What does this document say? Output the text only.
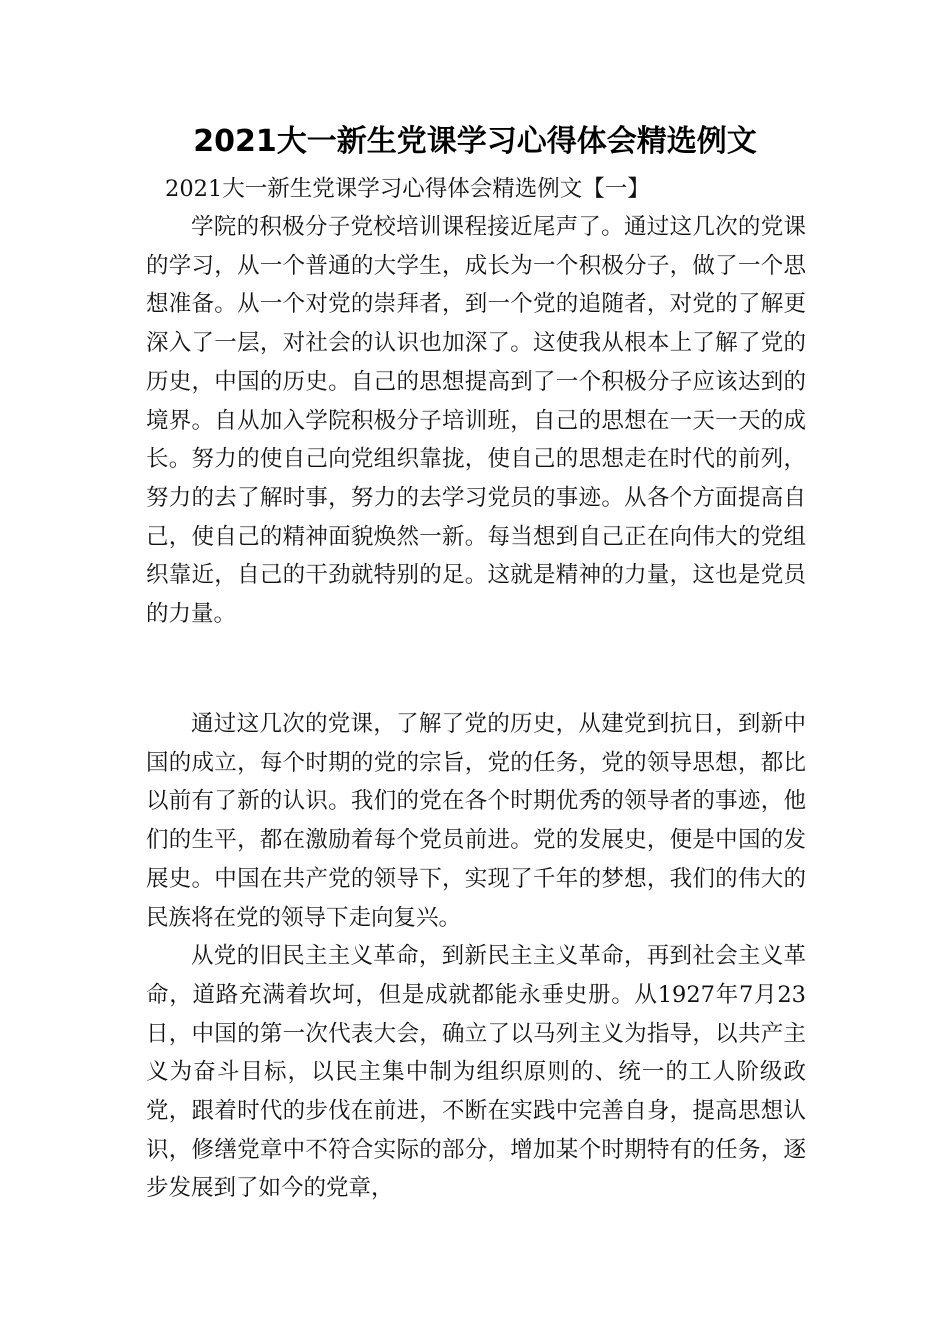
2021大一新生党课学习心得体会精选例文

2021大一新生党课学习心得体会精选例文【一】

学院的积极分子党校培训课程接近尾声了。通过这几次的党课的学习，从一个普通的大学生，成长为一个积极分子，做了一个思想准备。从一个对党的崇拜者，到一个党的追随者，对党的了解更深入了一层，对社会的认识也加深了。这使我从根本上了解了党的历史，中国的历史。自己的思想提高到了一个积极分子应该达到的境界。自从加入学院积极分子培训班，自己的思想在一天一天的成长。努力的使自己向党组织靠拢，使自己的思想走在时代的前列，努力的去了解时事，努力的去学习党员的事迹。从各个方面提高自己，使自己的精神面貌焕然一新。每当想到自己正在向伟大的党组织靠近，自己的干劲就特别的足。这就是精神的力量，这也是党员的力量。

通过这几次的党课，了解了党的历史，从建党到抗日，到新中国的成立，每个时期的党的宗旨，党的任务，党的领导思想，都比以前有了新的认识。我们的党在各个时期优秀的领导者的事迹，他们的生平，都在激励着每个党员前进。党的发展史，便是中国的发展史。中国在共产党的领导下，实现了千年的梦想，我们的伟大的民族将在党的领导下走向复兴。

从党的旧民主主义革命，到新民主主义革命，再到社会主义革命，道路充满着坎坷，但是成就都能永垂史册。从1927年7月23日，中国的第一次代表大会，确立了以马列主义为指导，以共产主义为奋斗目标，以民主集中制为组织原则的、统一的工人阶级政党，跟着时代的步伐在前进，不断在实践中完善自身，提高思想认识，修缮党章中不符合实际的部分，增加某个时期特有的任务，逐步发展到了如今的党章，
